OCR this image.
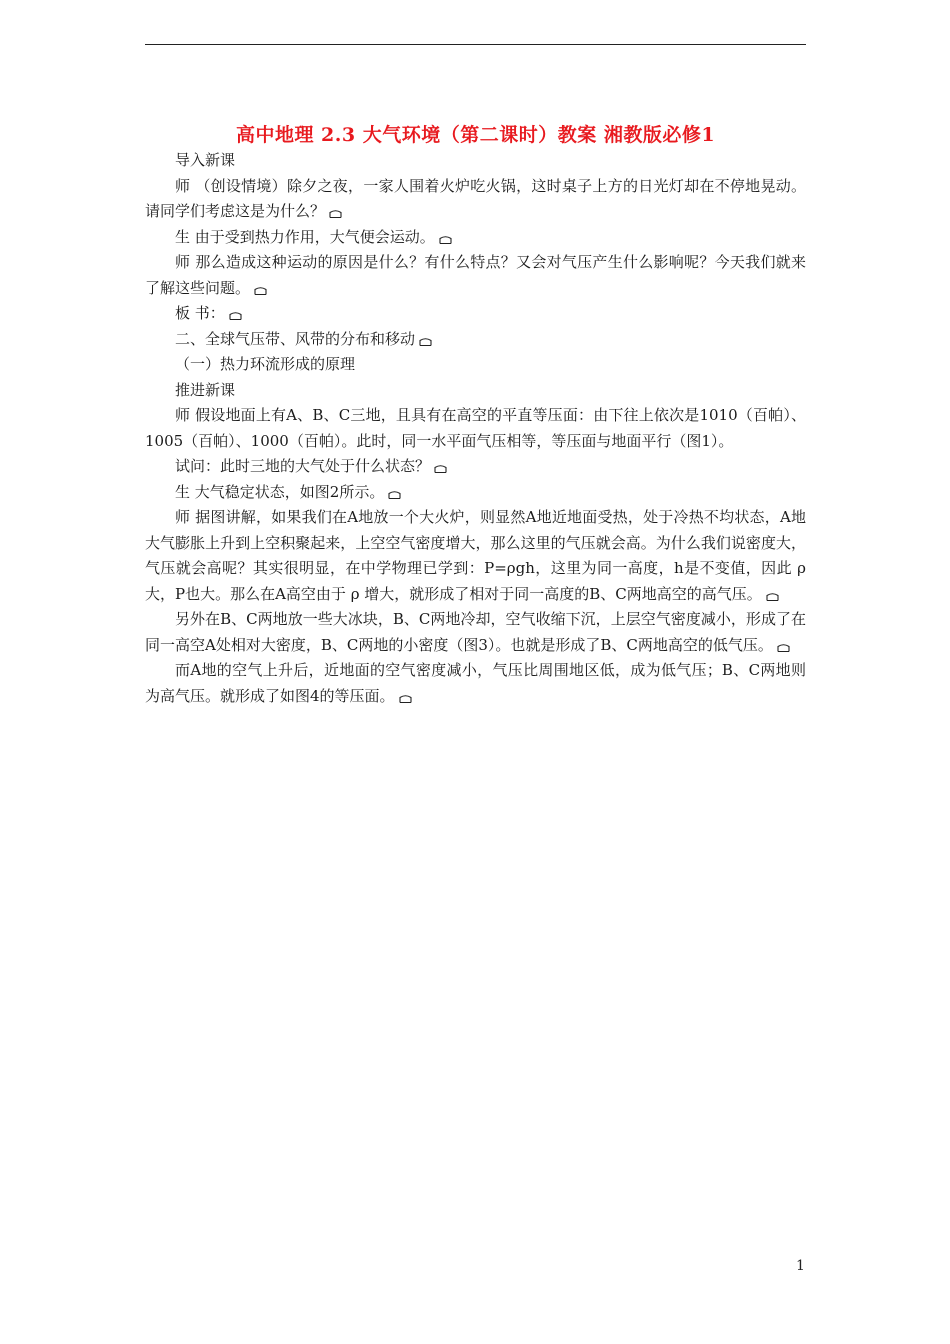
高中地理 2.3 大气环境（第二课时）教案 湘教版必修1

导入新课

师 （创设情境）除夕之夜，一家人围着火炉吃火锅，这时桌子上方的日光灯却在不停地晃动。请同学们考虑这是为什么？

生 由于受到热力作用，大气便会运动。

师 那么造成这种运动的原因是什么？有什么特点？又会对气压产生什么影响呢？今天我们就来了解这些问题。

板 书：

二、全球气压带、风带的分布和移动

（一）热力环流形成的原理

推进新课

师 假设地面上有A、B、C三地，且具有在高空的平直等压面：由下往上依次是1010（百帕）、1005（百帕）、1000（百帕）。此时，同一水平面气压相等，等压面与地面平行（图1）。

试问：此时三地的大气处于什么状态？

生 大气稳定状态，如图2所示。

师 据图讲解，如果我们在A地放一个大火炉，则显然A地近地面受热，处于冷热不均状态，A地大气膨胀上升到上空积聚起来，上空空气密度增大，那么这里的气压就会高。为什么我们说密度大，气压就会高呢？其实很明显，在中学物理已学到：P=ρgh，这里为同一高度，h是不变值，因此 ρ 大，P也大。那么在A高空由于 ρ 增大，就形成了相对于同一高度的B、C两地高空的高气压。

另外在B、C两地放一些大冰块，B、C两地冷却，空气收缩下沉，上层空气密度减小，形成了在同一高空A处相对大密度，B、C两地的小密度（图3）。也就是形成了B、C两地高空的低气压。

而A地的空气上升后，近地面的空气密度减小，气压比周围地区低，成为低气压；B、C两地则为高气压。就形成了如图4的等压面。

1
